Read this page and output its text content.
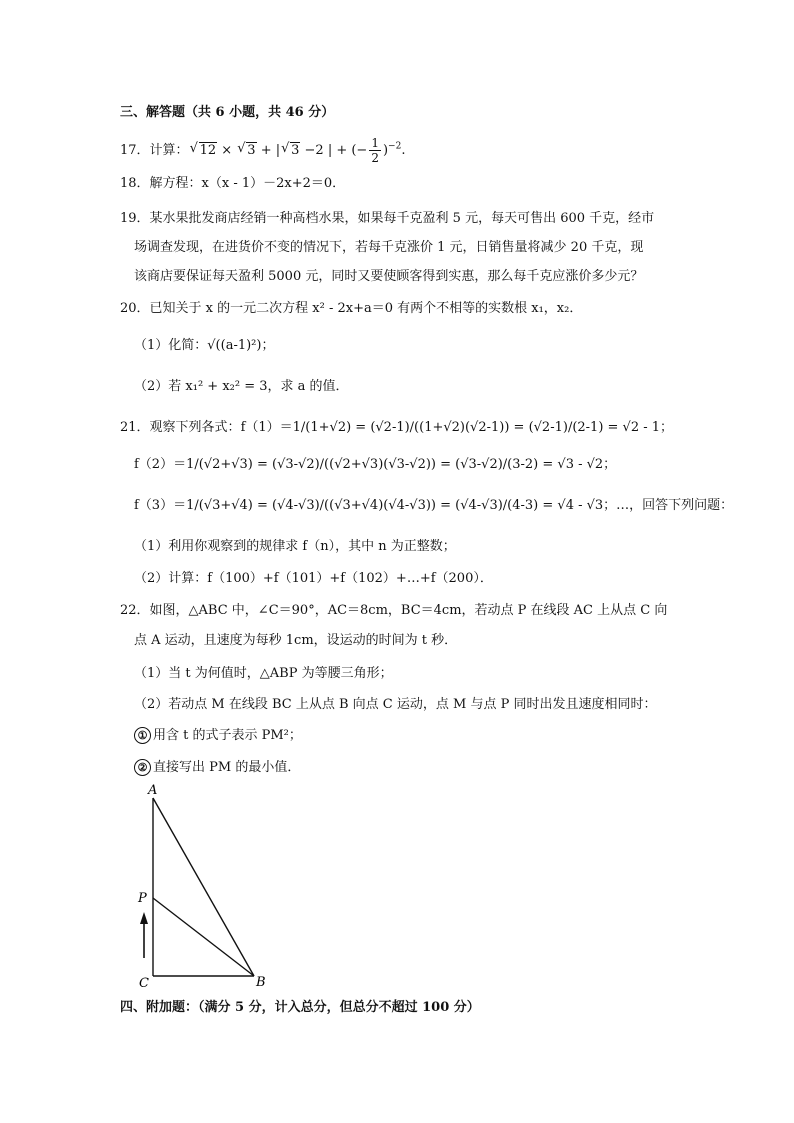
三、解答题（共 6 小题，共 46 分）
17．计算： √ 12 × √ 3 + | √ 3 −2 | + (− $\frac{1}{2} )^{-2}$.
18．解方程：x（x - 1）－2x+2＝0．
19．某水果批发商店经销一种高档水果，如果每千克盈利 5 元，每天可售出 600 千克，经市
场调查发现，在进货价不变的情况下，若每千克涨价 1 元，日销售量将减少 20 千克，现
该商店要保证每天盈利 5000 元，同时又要使顾客得到实惠，那么每千克应涨价多少元？
20．已知关于 x 的一元二次方程 x² - 2x+a＝0 有两个不相等的实数根 x₁，x₂．
（1）化简：√((a-1)²)；
（2）若 x₁² + x₂² = 3，求 a 的值．
21．观察下列各式：f（1）＝1/(1+√2) = (√2-1)/((1+√2)(√2-1)) = (√2-1)/(2-1) = √2 - 1；
f（2）＝1/(√2+√3) = (√3-√2)/((√2+√3)(√3-√2)) = (√3-√2)/(3-2) = √3 - √2；
f（3）＝1/(√3+√4) = (√4-√3)/((√3+√4)(√4-√3)) = (√4-√3)/(4-3) = √4 - √3；…，回答下列问题：
（1）利用你观察到的规律求 f（n），其中 n 为正整数；
（2）计算：f（100）+f（101）+f（102）+…+f（200）．
22．如图，△ABC 中，∠C＝90°，AC＝8cm，BC＝4cm，若动点 P 在线段 AC 上从点 C 向
点 A 运动，且速度为每秒 1cm，设运动的时间为 t 秒．
（1）当 t 为何值时，△ABP 为等腰三角形；
（2）若动点 M 在线段 BC 上从点 B 向点 C 运动，点 M 与点 P 同时出发且速度相同时：
① 用含 t 的式子表示 PM²；
② 直接写出 PM 的最小值．
A
P
C	B
四、附加题：（满分 5 分，计入总分，但总分不超过 100 分）
